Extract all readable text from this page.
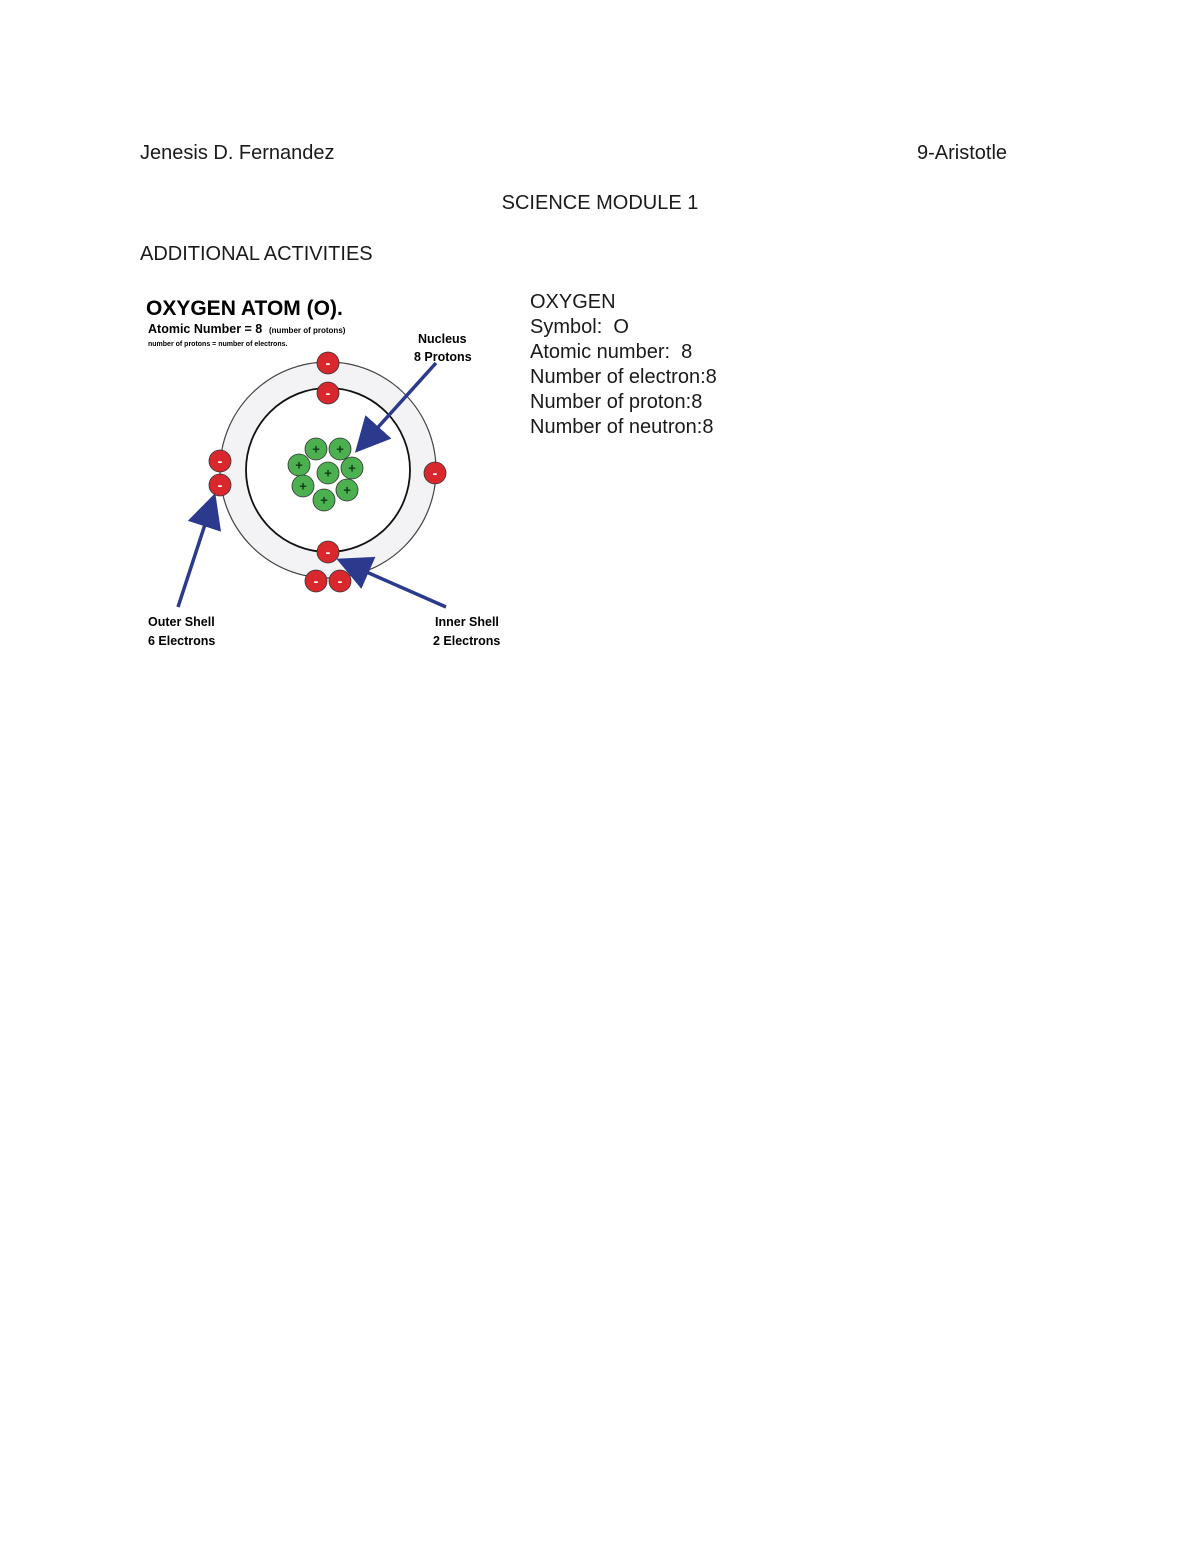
Jenesis D. Fernandez	9-Aristotle
SCIENCE MODULE 1
ADDITIONAL ACTIVITIES
OXYGEN ATOM (O).
Atomic Number = 8 (number of protons)
number of protons = number of electrons.
+ +
+
+ +
+	+
+
-
-
-
-
- -
-
-
Nucleus
8 Protons
Outer Shell
6 Electrons
Inner Shell
2 Electrons
OXYGEN
Symbol:  O
Atomic number:  8
Number of electron:8
Number of proton:8
Number of neutron:8
